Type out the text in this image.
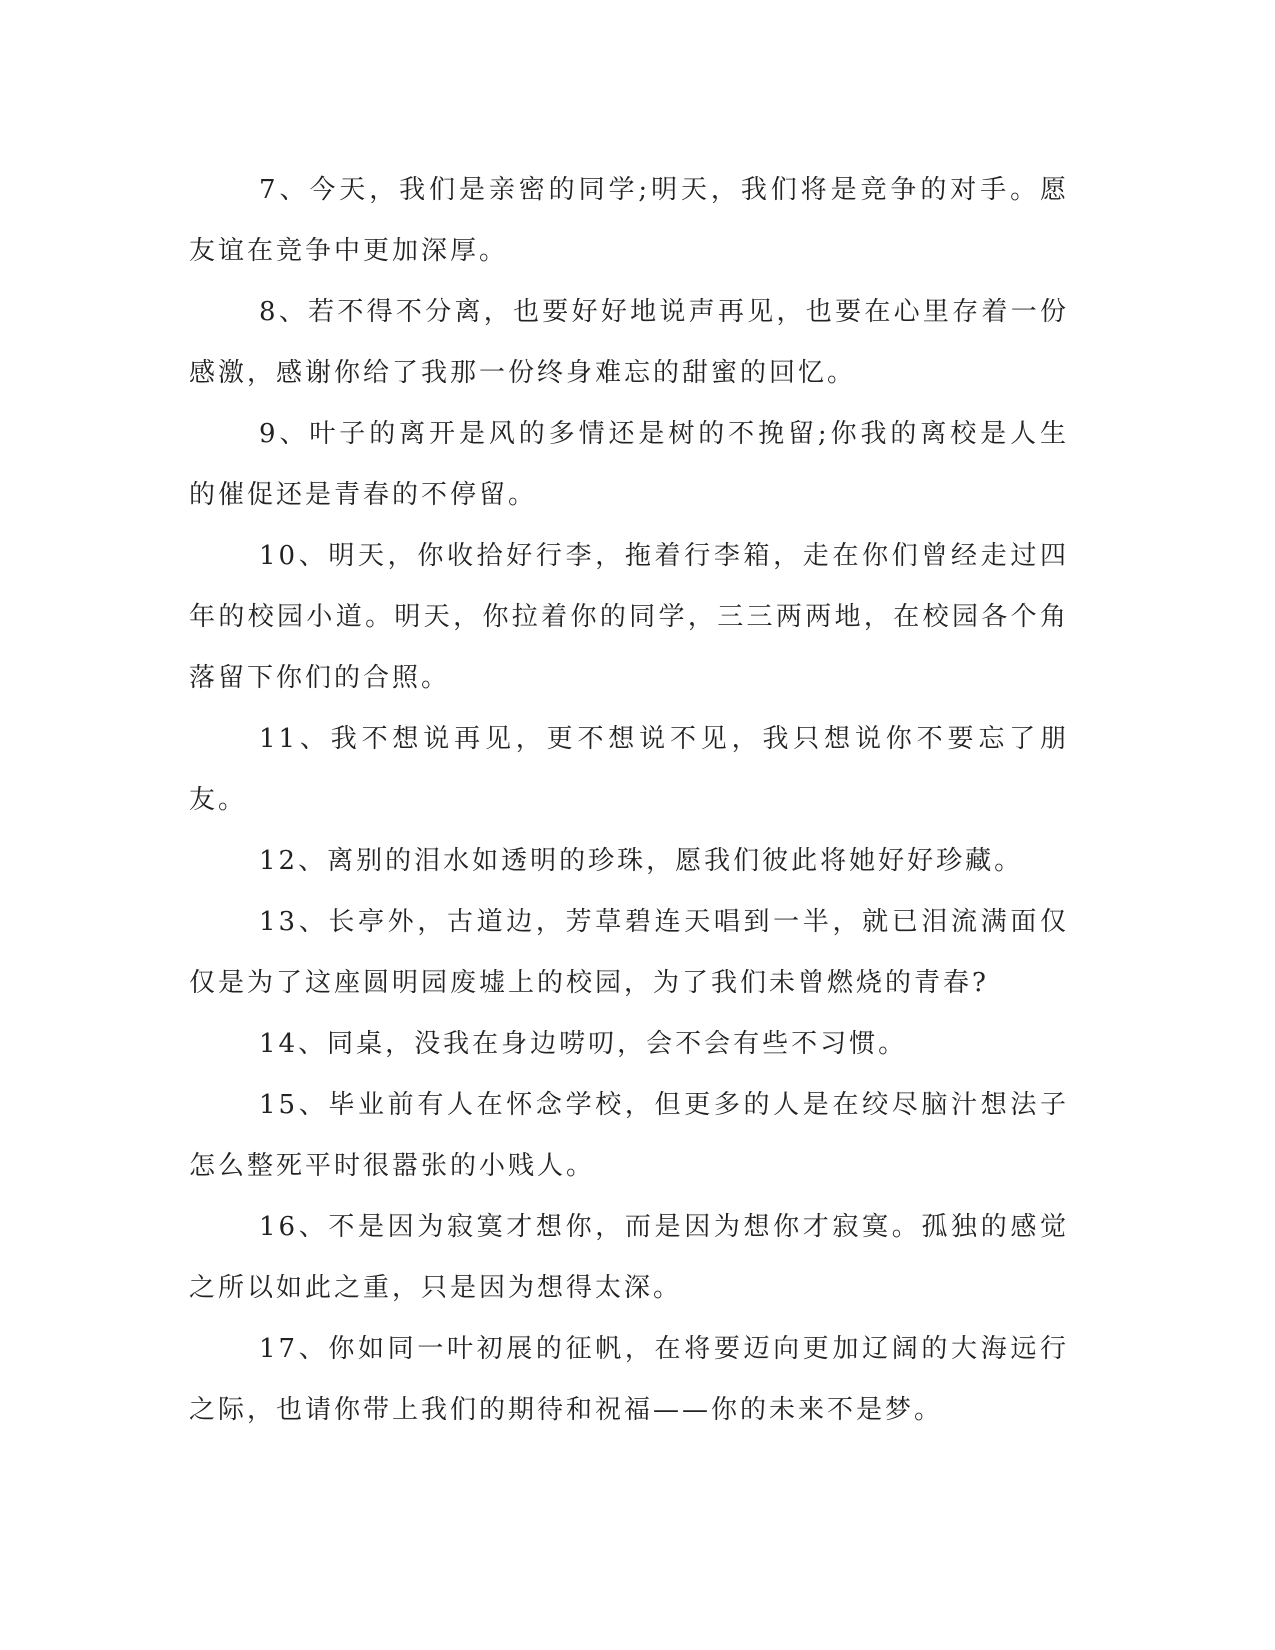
7、今天，我们是亲密的同学;明天，我们将是竞争的对手。愿友谊在竞争中更加深厚。

8、若不得不分离，也要好好地说声再见，也要在心里存着一份感激，感谢你给了我那一份终身难忘的甜蜜的回忆。

9、叶子的离开是风的多情还是树的不挽留;你我的离校是人生的催促还是青春的不停留。

10、明天，你收拾好行李，拖着行李箱，走在你们曾经走过四年的校园小道。明天，你拉着你的同学，三三两两地，在校园各个角落留下你们的合照。

11、我不想说再见，更不想说不见，我只想说你不要忘了朋友。

12、离别的泪水如透明的珍珠，愿我们彼此将她好好珍藏。

13、长亭外，古道边，芳草碧连天唱到一半，就已泪流满面仅仅是为了这座圆明园废墟上的校园，为了我们未曾燃烧的青春?

14、同桌，没我在身边唠叨，会不会有些不习惯。

15、毕业前有人在怀念学校，但更多的人是在绞尽脑汁想法子怎么整死平时很嚣张的小贱人。

16、不是因为寂寞才想你，而是因为想你才寂寞。孤独的感觉之所以如此之重，只是因为想得太深。

17、你如同一叶初展的征帆，在将要迈向更加辽阔的大海远行之际，也请你带上我们的期待和祝福——你的未来不是梦。
